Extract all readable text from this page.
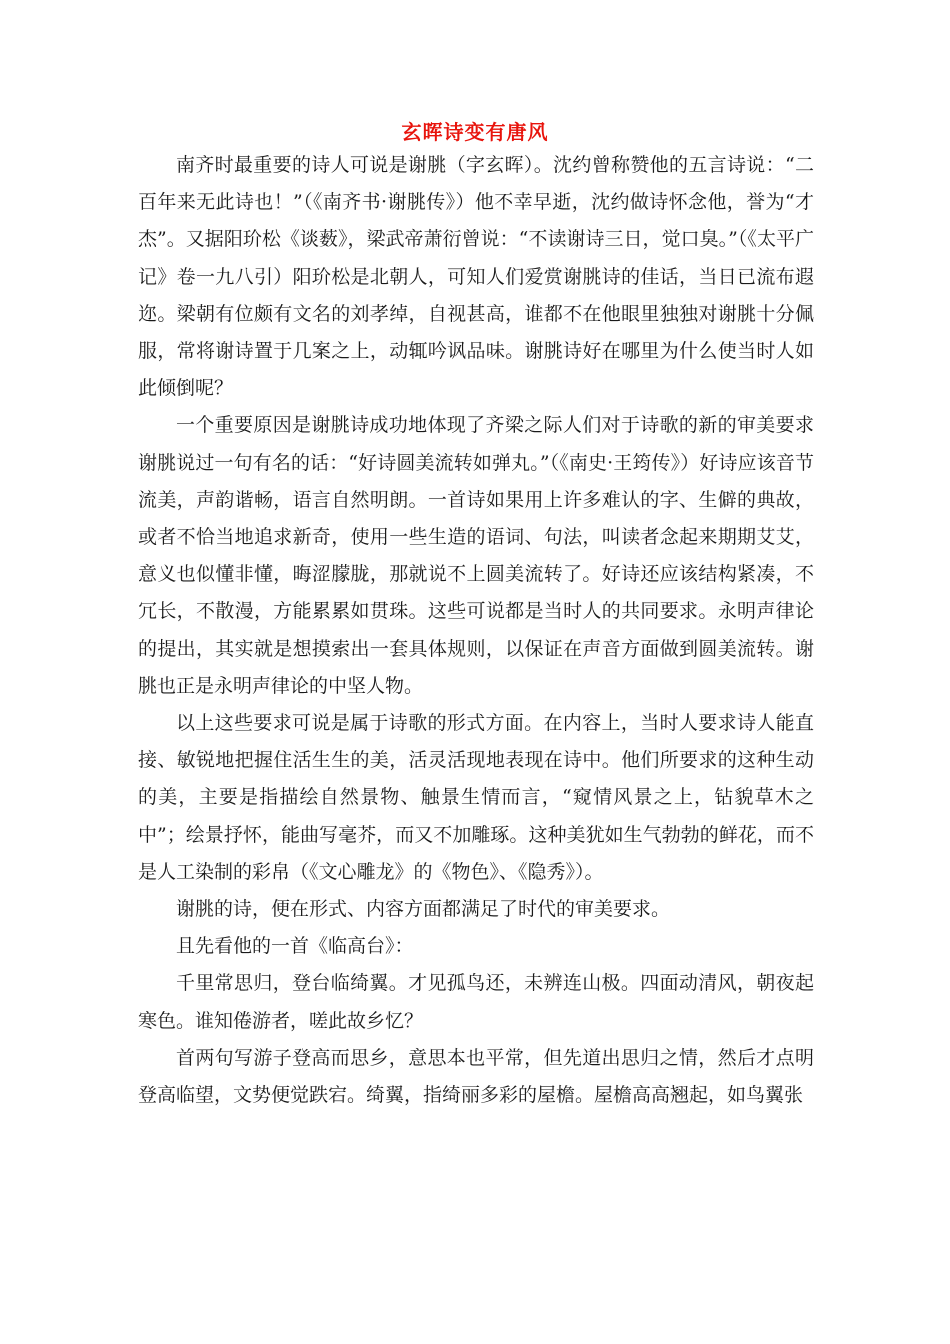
玄晖诗变有唐风

南齐时最重要的诗人可说是谢朓（字玄晖）。沈约曾称赞他的五言诗说：“二百年来无此诗也！”（《南齐书·谢朓传》）他不幸早逝，沈约做诗怀念他，誉为“才杰”。又据阳玠松《谈薮》，梁武帝萧衍曾说：“不读谢诗三日，觉口臭。”（《太平广记》卷一九八引）阳玠松是北朝人，可知人们爱赏谢朓诗的佳话，当日已流布遐迩。梁朝有位颇有文名的刘孝绰，自视甚高，谁都不在他眼里独独对谢朓十分佩服，常将谢诗置于几案之上，动辄吟讽品味。谢朓诗好在哪里为什么使当时人如此倾倒呢？

一个重要原因是谢朓诗成功地体现了齐梁之际人们对于诗歌的新的审美要求谢朓说过一句有名的话：“好诗圆美流转如弹丸。”（《南史·王筠传》）好诗应该音节流美，声韵谐畅，语言自然明朗。一首诗如果用上许多难认的字、生僻的典故，或者不恰当地追求新奇，使用一些生造的语词、句法，叫读者念起来期期艾艾，意义也似懂非懂，晦涩朦胧，那就说不上圆美流转了。好诗还应该结构紧凑，不冗长，不散漫，方能累累如贯珠。这些可说都是当时人的共同要求。永明声律论的提出，其实就是想摸索出一套具体规则，以保证在声音方面做到圆美流转。谢朓也正是永明声律论的中坚人物。

以上这些要求可说是属于诗歌的形式方面。在内容上，当时人要求诗人能直接、敏锐地把握住活生生的美，活灵活现地表现在诗中。他们所要求的这种生动的美，主要是指描绘自然景物、触景生情而言，“窥情风景之上，钻貌草木之中”；绘景抒怀，能曲写毫芥，而又不加雕琢。这种美犹如生气勃勃的鲜花，而不是人工染制的彩帛（《文心雕龙》的《物色》、《隐秀》）。

谢朓的诗，便在形式、内容方面都满足了时代的审美要求。

且先看他的一首《临高台》：

千里常思归，登台临绮翼。才见孤鸟还，未辨连山极。四面动清风，朝夜起寒色。谁知倦游者，嗟此故乡忆？

首两句写游子登高而思乡，意思本也平常，但先道出思归之情，然后才点明登高临望，文势便觉跌宕。绮翼，指绮丽多彩的屋檐。屋檐高高翘起，如鸟翼张
